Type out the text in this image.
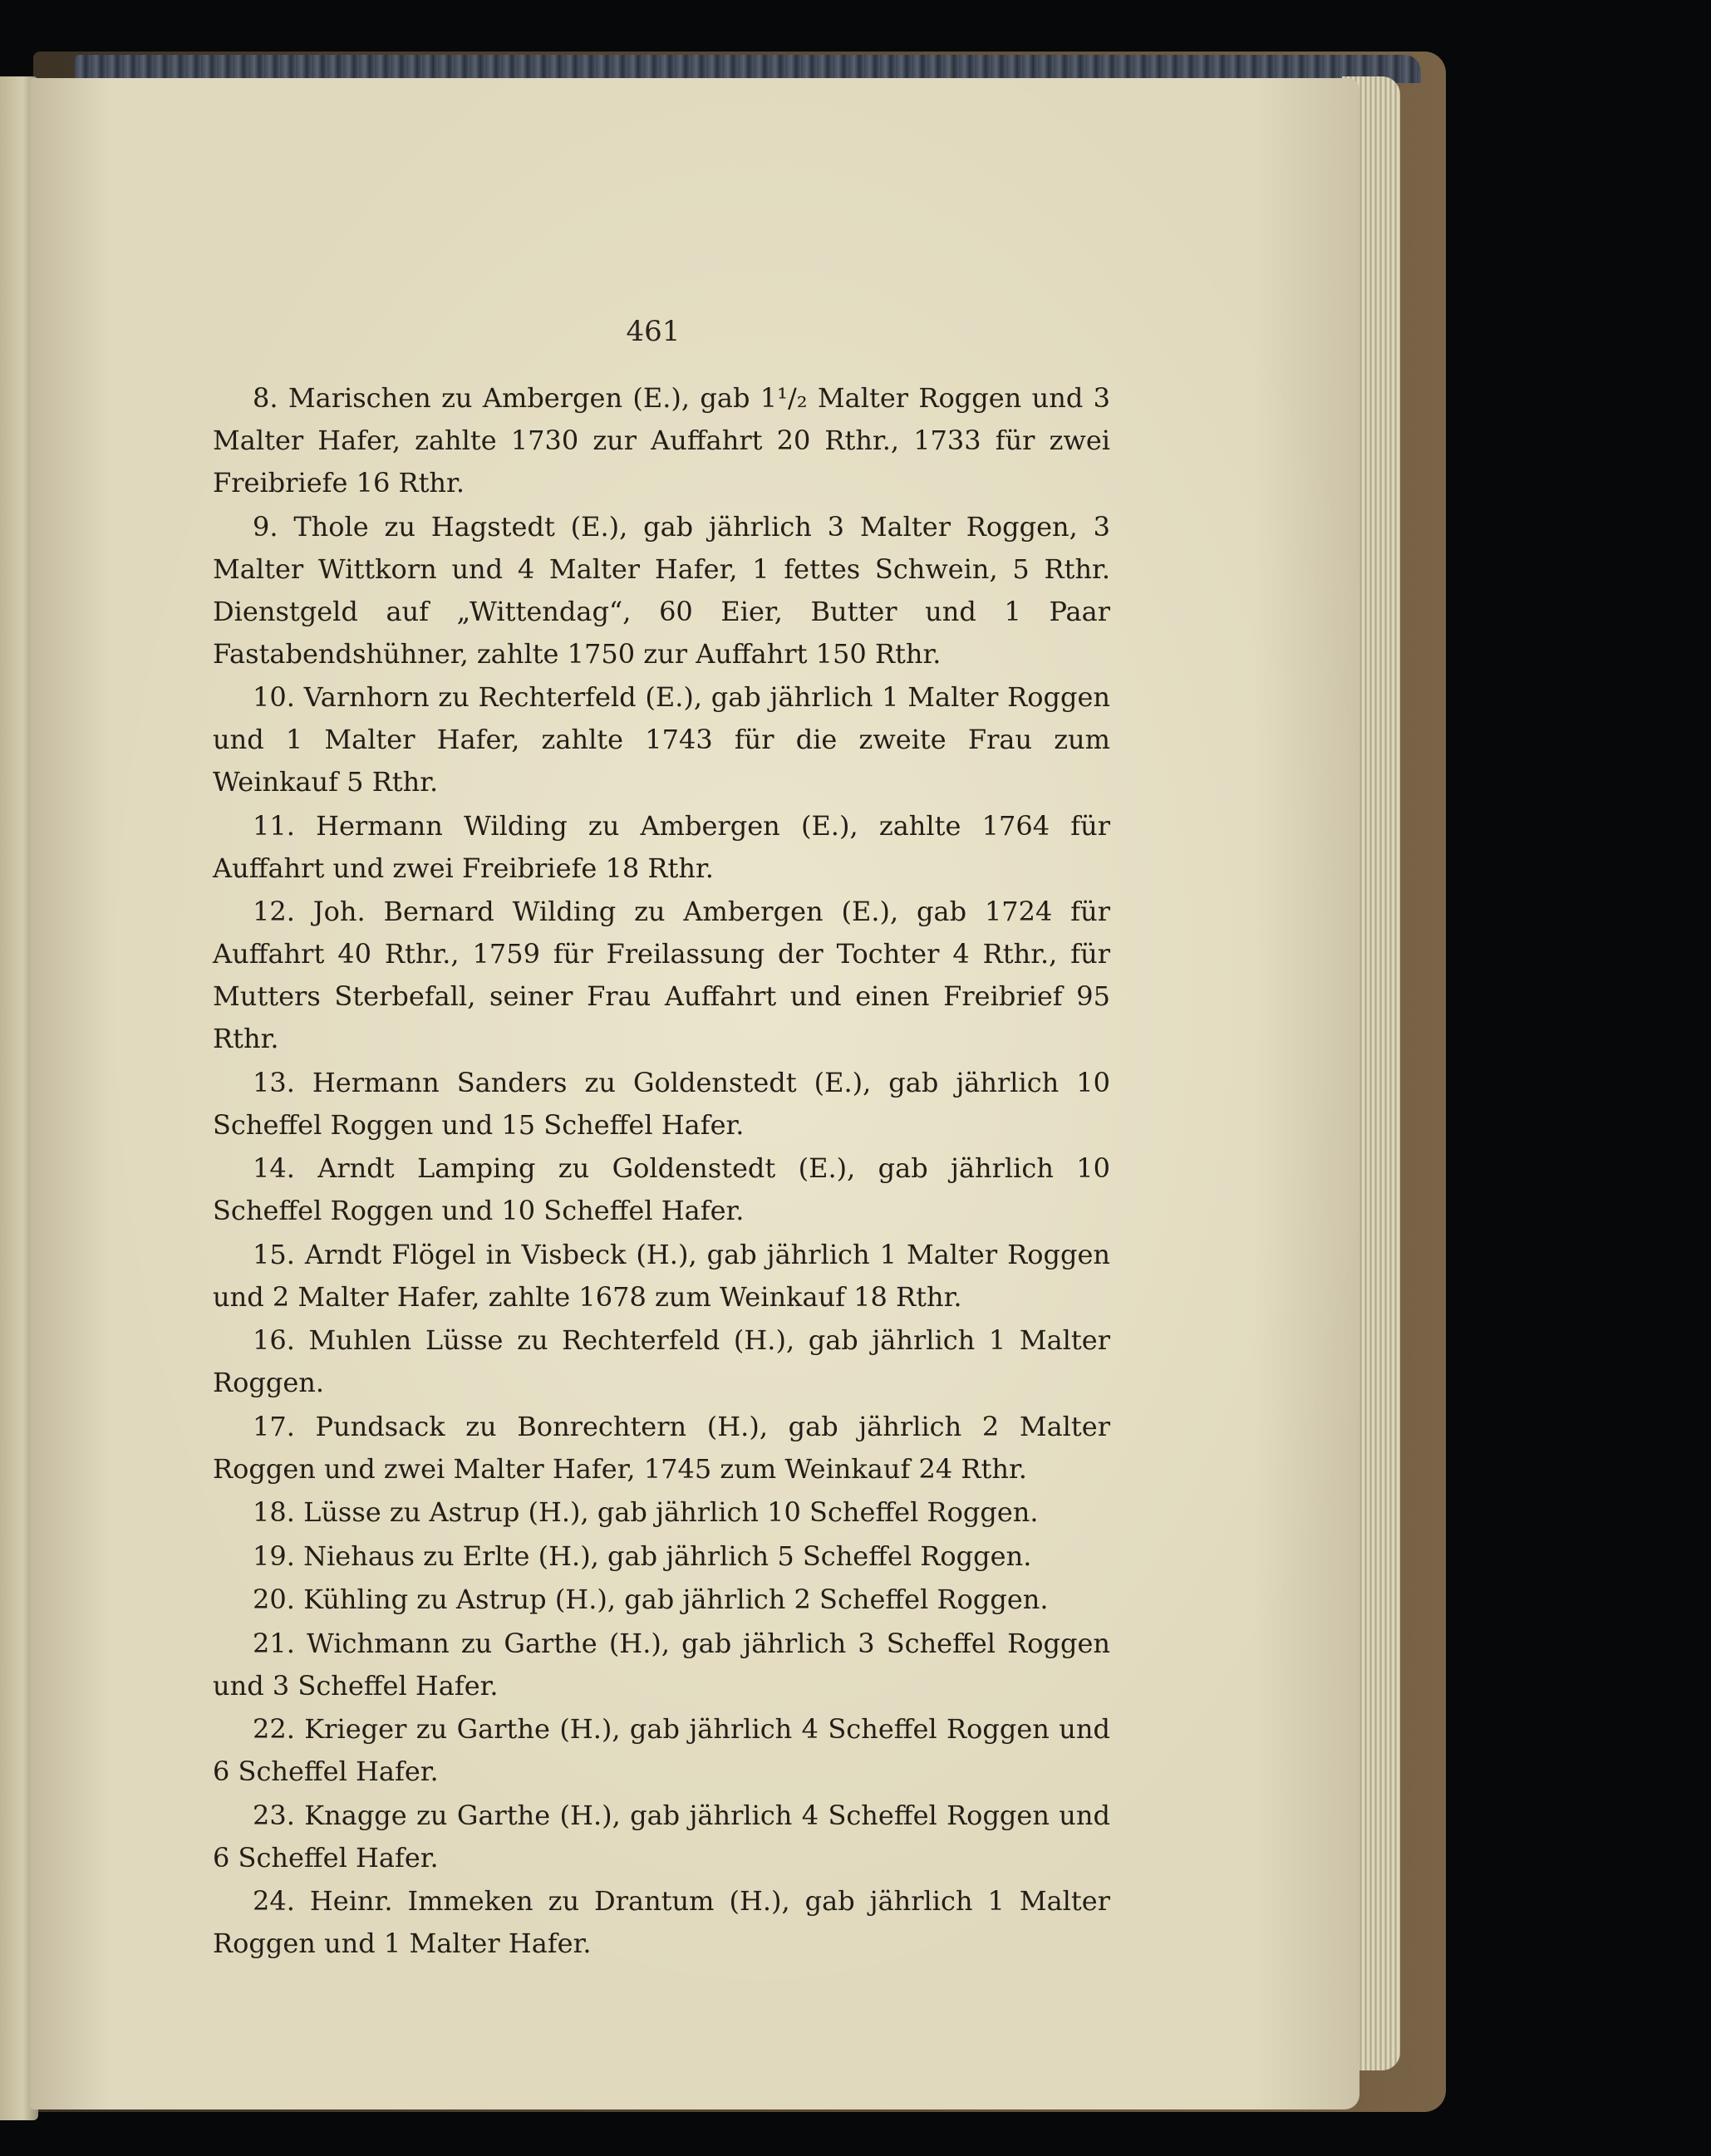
461

8. Marischen zu Ambergen (E.), gab 1¹/₂ Malter Roggen und 3 Malter Hafer, zahlte 1730 zur Auffahrt 20 Rthr., 1733 für zwei Freibriefe 16 Rthr.

9. Thole zu Hagstedt (E.), gab jährlich 3 Malter Roggen, 3 Malter Wittkorn und 4 Malter Hafer, 1 fettes Schwein, 5 Rthr. Dienstgeld auf „Wittendag“, 60 Eier, Butter und 1 Paar Fastabendshühner, zahlte 1750 zur Auffahrt 150 Rthr.

10. Varnhorn zu Rechterfeld (E.), gab jährlich 1 Malter Roggen und 1 Malter Hafer, zahlte 1743 für die zweite Frau zum Weinkauf 5 Rthr.

11. Hermann Wilding zu Ambergen (E.), zahlte 1764 für Auffahrt und zwei Freibriefe 18 Rthr.

12. Joh. Bernard Wilding zu Ambergen (E.), gab 1724 für Auffahrt 40 Rthr., 1759 für Freilassung der Tochter 4 Rthr., für Mutters Sterbefall, seiner Frau Auffahrt und einen Freibrief 95 Rthr.

13. Hermann Sanders zu Goldenstedt (E.), gab jährlich 10 Scheffel Roggen und 15 Scheffel Hafer.

14. Arndt Lamping zu Goldenstedt (E.), gab jährlich 10 Scheffel Roggen und 10 Scheffel Hafer.

15. Arndt Flögel in Visbeck (H.), gab jährlich 1 Malter Roggen und 2 Malter Hafer, zahlte 1678 zum Weinkauf 18 Rthr.

16. Muhlen Lüsse zu Rechterfeld (H.), gab jährlich 1 Malter Roggen.

17. Pundsack zu Bonrechtern (H.), gab jährlich 2 Malter Roggen und zwei Malter Hafer, 1745 zum Weinkauf 24 Rthr.

18. Lüsse zu Astrup (H.), gab jährlich 10 Scheffel Roggen.

19. Niehaus zu Erlte (H.), gab jährlich 5 Scheffel Roggen.

20. Kühling zu Astrup (H.), gab jährlich 2 Scheffel Roggen.

21. Wichmann zu Garthe (H.), gab jährlich 3 Scheffel Roggen und 3 Scheffel Hafer.

22. Krieger zu Garthe (H.), gab jährlich 4 Scheffel Roggen und 6 Scheffel Hafer.

23. Knagge zu Garthe (H.), gab jährlich 4 Scheffel Roggen und 6 Scheffel Hafer.

24. Heinr. Immeken zu Drantum (H.), gab jährlich 1 Malter Roggen und 1 Malter Hafer.
